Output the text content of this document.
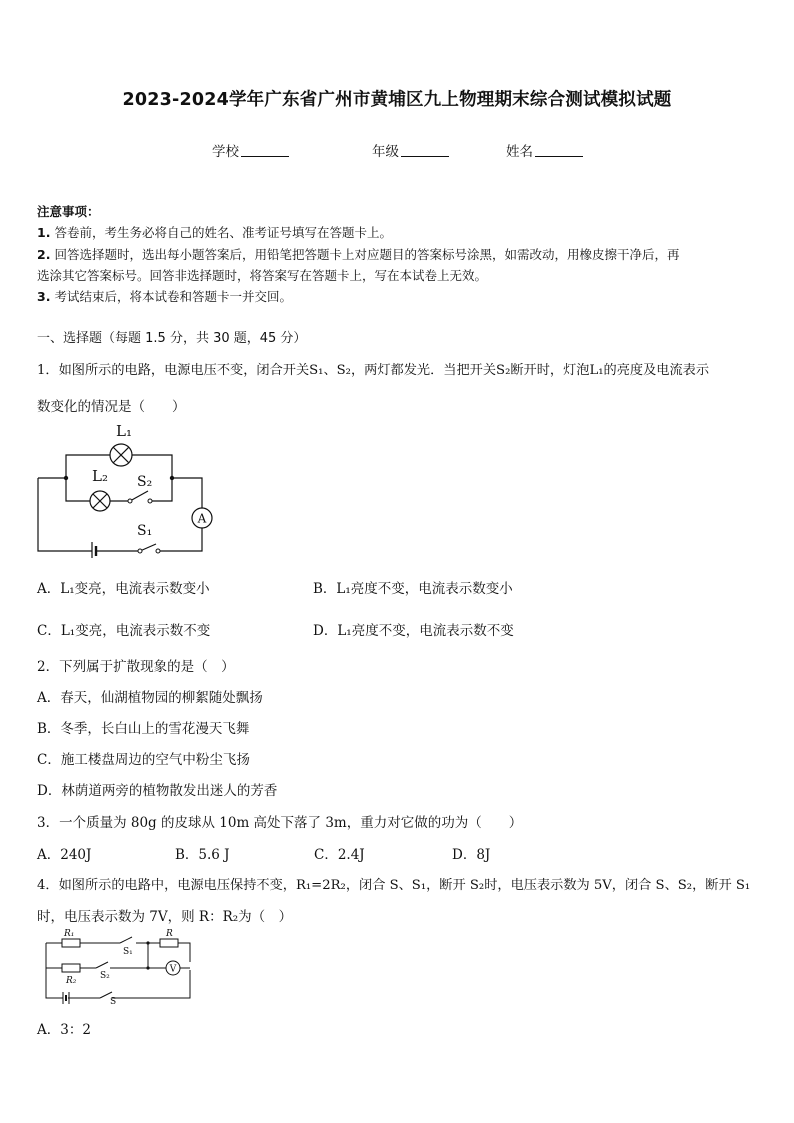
2023-2024学年广东省广州市黄埔区九上物理期末综合测试模拟试题
学校	年级	姓名
注意事项：
1. 答卷前，考生务必将自己的姓名、准考证号填写在答题卡上。
2. 回答选择题时，选出每小题答案后，用铅笔把答题卡上对应题目的答案标号涂黑，如需改动，用橡皮擦干净后，再
选涂其它答案标号。回答非选择题时，将答案写在答题卡上，写在本试卷上无效。
3. 考试结束后，将本试卷和答题卡一并交回。
一、选择题（每题 1.5 分，共 30 题，45 分）
1．如图所示的电路，电源电压不变，闭合开关S₁、S₂，两灯都发光．当把开关S₂断开时，灯泡L₁的亮度及电流表示
数变化的情况是（　　）
A
L₁
L₂ S₂
S₁
A．L₁变亮，电流表示数变小	B．L₁亮度不变，电流表示数变小
C．L₁变亮，电流表示数不变	D．L₁亮度不变，电流表示数不变
2．下列属于扩散现象的是（　）
A．春天，仙湖植物园的柳絮随处飘扬
B．冬季，长白山上的雪花漫天飞舞
C．施工楼盘周边的空气中粉尘飞扬
D．林荫道两旁的植物散发出迷人的芳香
3．一个质量为 80g 的皮球从 10m 高处下落了 3m，重力对它做的功为（　　）
A．240J	B．5.6 J	C．2.4J	D．8J
4．如图所示的电路中，电源电压保持不变，R₁=2R₂，闭合 S、S₁，断开 S₂时，电压表示数为 5V，闭合 S、S₂，断开 S₁
时，电压表示数为 7V，则 R：R₂为（　）
V
R₁	R
R₂
S₁
S₂
S
A．3：2
